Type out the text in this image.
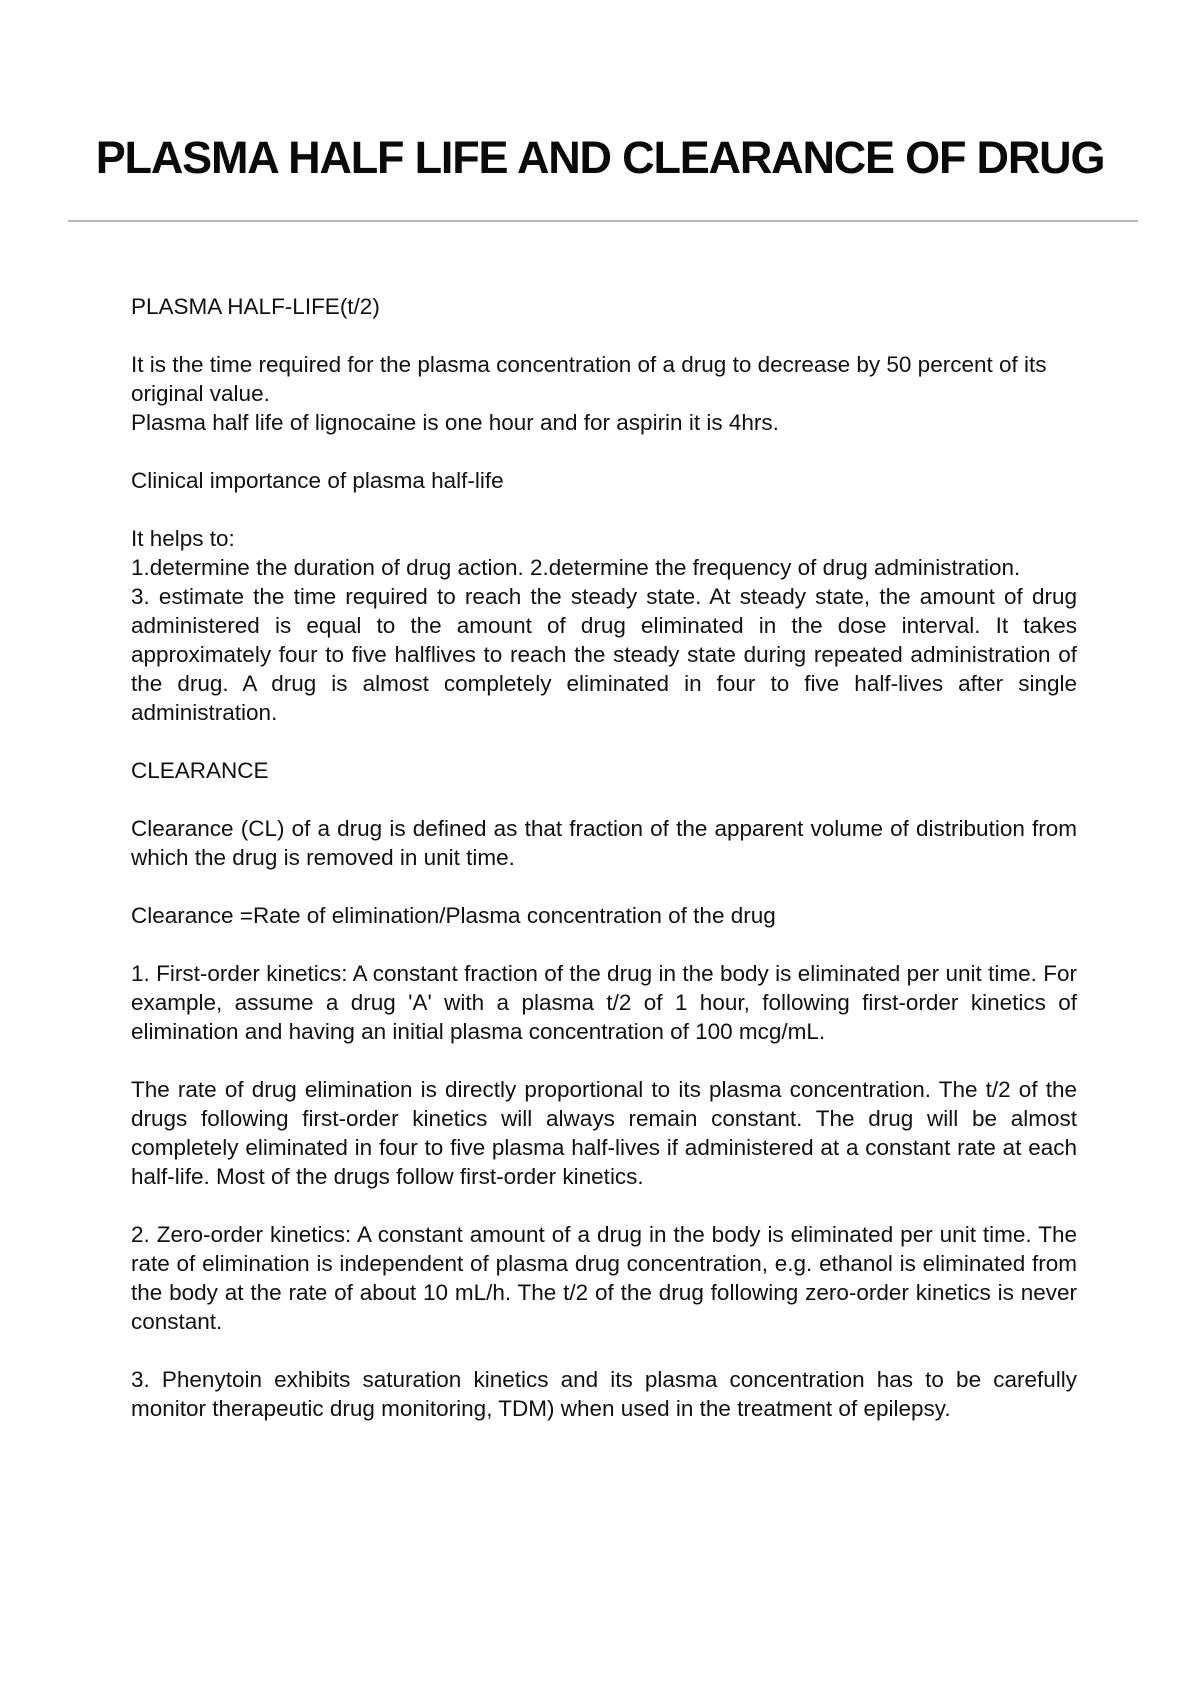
PLASMA HALF LIFE AND CLEARANCE OF DRUG

PLASMA HALF-LIFE(t/2)

It is the time required for the plasma concentration of a drug to decrease by 50 percent of its original value.

Plasma half life of lignocaine is one hour and for aspirin it is 4hrs.

Clinical importance of plasma half-life

It helps to:

1.determine the duration of drug action. 2.determine the frequency of drug administration.

3. estimate the time required to reach the steady state. At steady state, the amount of drug administered is equal to the amount of drug eliminated in the dose interval. It takes approximately four to five halflives to reach the steady state during repeated administration of the drug. A drug is almost completely eliminated in four to five half-lives after single administration.

CLEARANCE

Clearance (CL) of a drug is defined as that fraction of the apparent volume of distribution from which the drug is removed in unit time.

Clearance =Rate of elimination/Plasma concentration of the drug

1. First-order kinetics: A constant fraction of the drug in the body is eliminated per unit time. For example, assume a drug 'A' with a plasma t/2 of 1 hour, following first-order kinetics of elimination and having an initial plasma concentration of 100 mcg/mL.

The rate of drug elimination is directly proportional to its plasma concentration. The t/2 of the drugs following first-order kinetics will always remain constant. The drug will be almost completely eliminated in four to five plasma half-lives if administered at a constant rate at each half-life. Most of the drugs follow first-order kinetics.

2. Zero-order kinetics: A constant amount of a drug in the body is eliminated per unit time. The rate of elimination is independent of plasma drug concentration, e.g. ethanol is eliminated from the body at the rate of about 10 mL/h. The t/2 of the drug following zero-order kinetics is never constant.

3. Phenytoin exhibits saturation kinetics and its plasma concentration has to be carefully monitor therapeutic drug monitoring, TDM) when used in the treatment of epilepsy.
